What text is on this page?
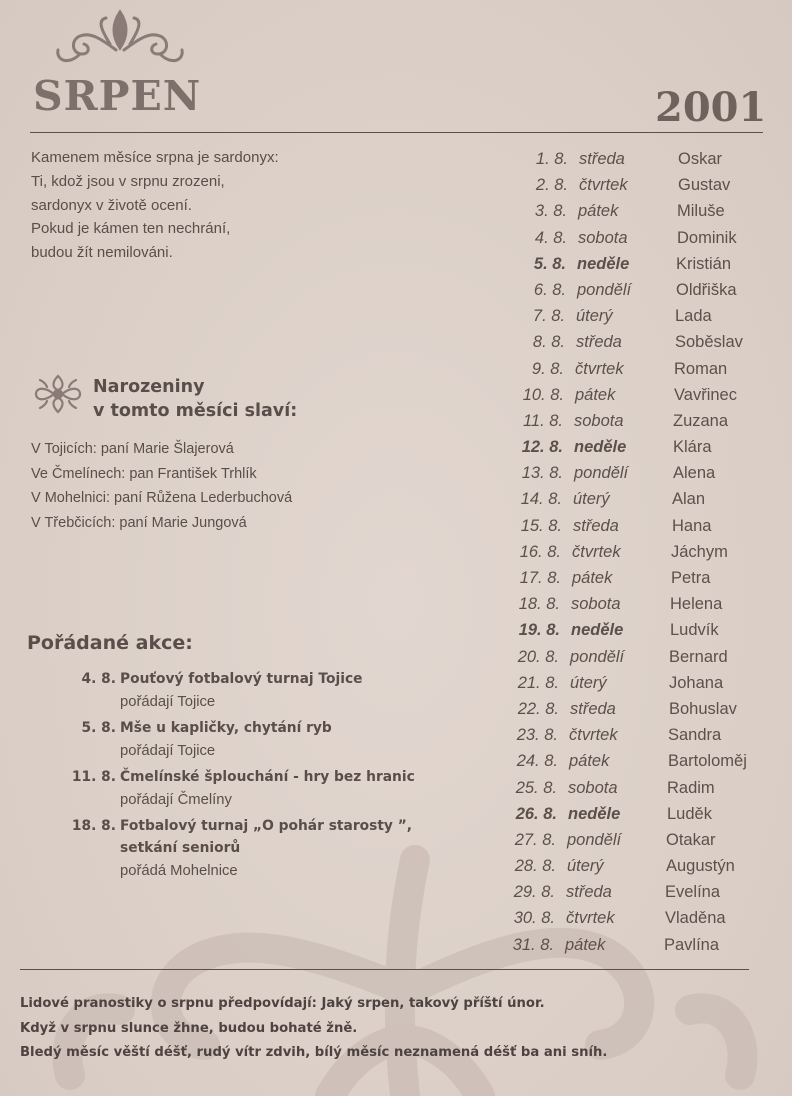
SRPEN	2001
Kamenem měsíce srpna je sardonyx:
Ti, kdož jsou v srpnu zrozeni,
sardonyx v životě ocení.
Pokud je kámen ten nechrání,
budou žít nemilováni.
Narozeniny
v tomto měsíci slaví:
V Tojicích: paní Marie Šlajerová
Ve Čmelínech: pan František Trhlík
V Mohelnici: paní Růžena Lederbuchová
V Třebčicích: paní Marie Jungová
Pořádané akce:
4. 8. Pouťový fotbalový turnaj Tojice
pořádají Tojice
5. 8. Mše u kapličky, chytání ryb
pořádají Tojice
11. 8. Čmelínské šplouchání - hry bez hranic
pořádají Čmelíny
18. 8. Fotbalový turnaj „O pohár starosty ”,
setkání seniorů
pořádá Mohelnice
1. 8. středa	Oskar
2. 8. čtvrtek	Gustav
3. 8. pátek	Miluše
4. 8. sobota	Dominik
5. 8. neděle	Kristián
6. 8. pondělí	Oldřiška
7. 8. úterý	Lada
8. 8. středa	Soběslav
9. 8. čtvrtek	Roman
10. 8. pátek	Vavřinec
11. 8. sobota	Zuzana
12. 8. neděle	Klára
13. 8. pondělí	Alena
14. 8. úterý	Alan
15. 8. středa	Hana
16. 8. čtvrtek	Jáchym
17. 8. pátek	Petra
18. 8. sobota	Helena
19. 8. neděle	Ludvík
20. 8. pondělí	Bernard
21. 8. úterý	Johana
22. 8. středa	Bohuslav
23. 8. čtvrtek	Sandra
24. 8. pátek	Bartoloměj
25. 8. sobota	Radim
26. 8. neděle	Luděk
27. 8. pondělí	Otakar
28. 8. úterý	Augustýn
29. 8. středa	Evelína
30. 8. čtvrtek	Vladěna
31. 8. pátek	Pavlína
Lidové pranostiky o srpnu předpovídají: Jaký srpen, takový příští únor.
Když v srpnu slunce žhne, budou bohaté žně.
Bledý měsíc věští déšť, rudý vítr zdvih, bílý měsíc neznamená déšť ba ani sníh.
